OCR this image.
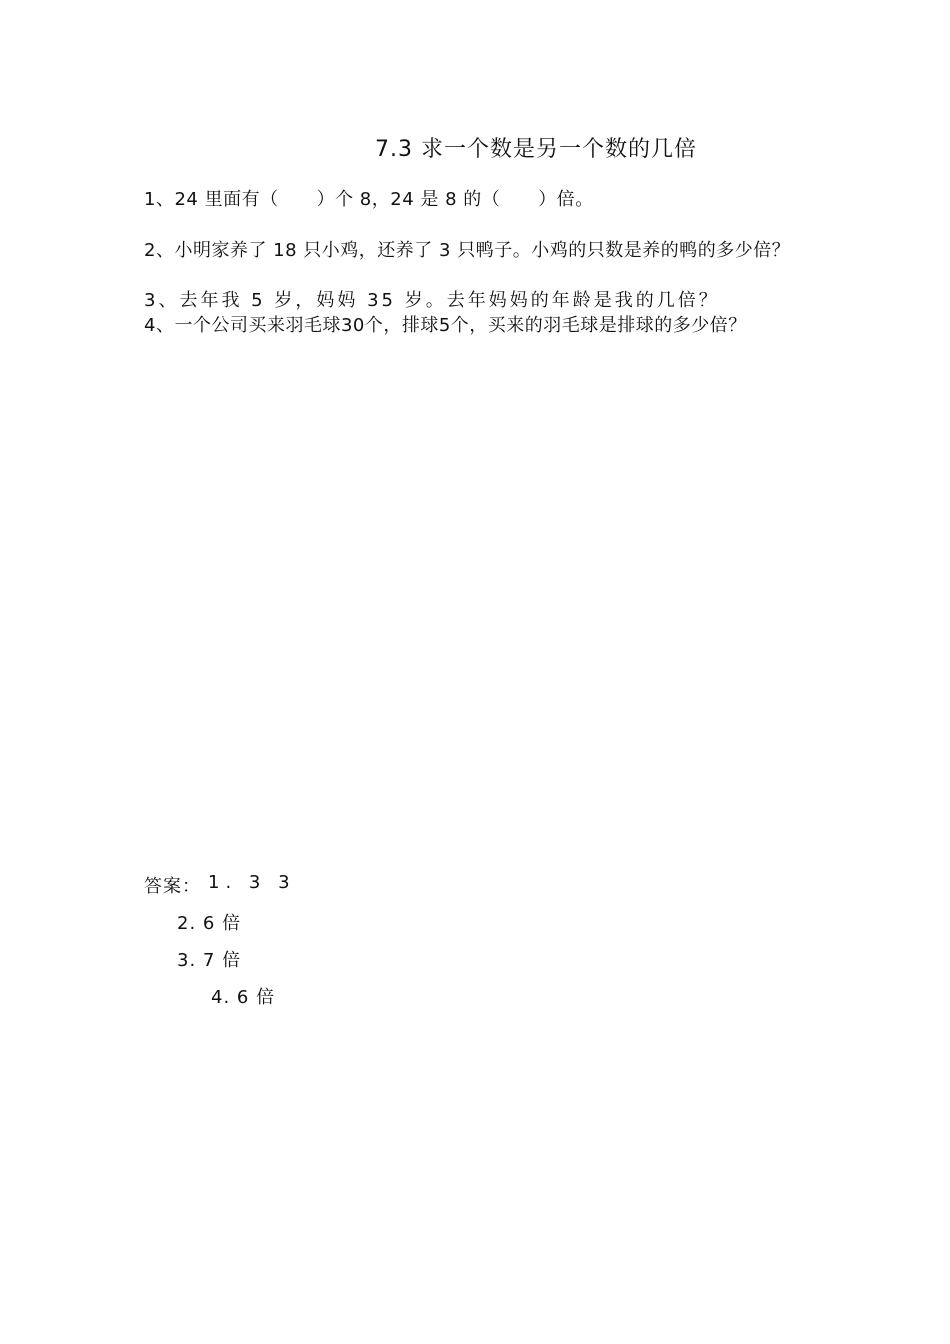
7.3 求一个数是另一个数的几倍
1、24 里面有（ ）个 8，24 是 8 的（ ）倍。
2、小明家养了 18 只小鸡，还养了 3 只鸭子。小鸡的只数是养的鸭的多少倍？
3、去年我 5 岁，妈妈 35 岁。去年妈妈的年龄是我的几倍？
4、一个公司买来羽毛球30个，排球5个，买来的羽毛球是排球的多少倍？
答案： 1. 3 3
2. 6 倍
3. 7 倍
4. 6 倍
